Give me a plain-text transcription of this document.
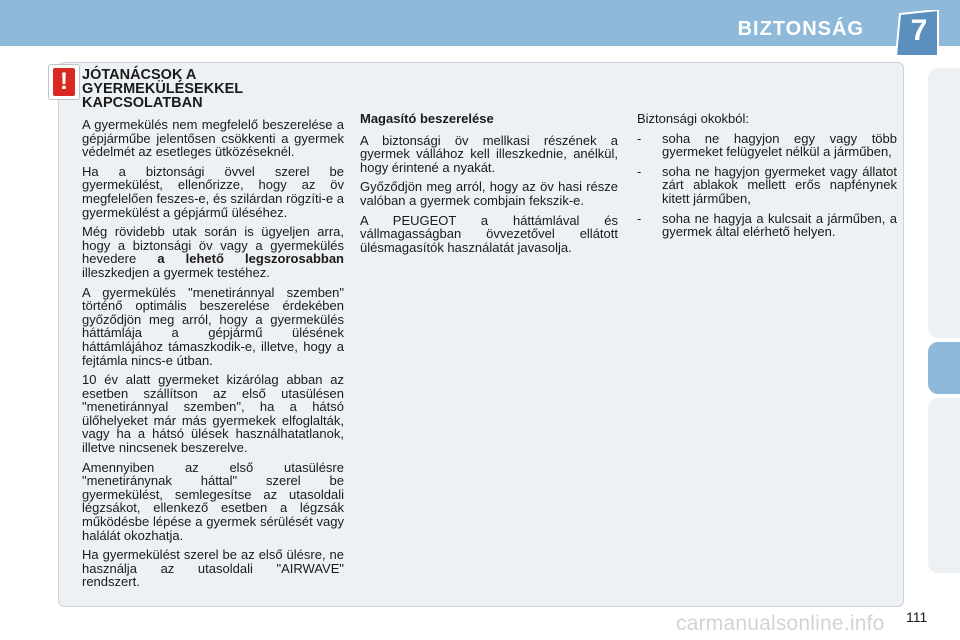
BIZTONSÁG	7
! JÓTANÁCSOK A GYERMEKÜLÉSEKKEL KAPCSOLATBAN

A gyermekülés nem megfelelő beszerelése a gépjárműbe jelentősen csökkenti a gyermek védelmét az esetleges ütközéseknél.

Ha a biztonsági övvel szerel be gyermekülést, ellenőrizze, hogy az öv megfelelően feszes-e, és szilárdan rögzíti-e a gyermekülést a gépjármű üléséhez.

Még rövidebb utak során is ügyeljen arra, hogy a biztonsági öv vagy a gyermekülés hevedere a lehető legszorosabban illeszkedjen a gyermek testéhez.

A gyermekülés "menetiránnyal szemben" történő optimális beszerelése érdekében győződjön meg arról, hogy a gyermekülés háttámlája a gépjármű ülésének háttámlájához támaszkodik-e, illetve, hogy a fejtámla nincs-e útban.

10 év alatt gyermeket kizárólag abban az esetben szállítson az első utasülésen "menetiránnyal szemben", ha a hátsó ülőhelyeket már más gyermekek elfoglalták, vagy ha a hátsó ülések használhatatlanok, illetve nincsenek beszerelve.

Amennyiben az első utasülésre "menetiránynak háttal" szerel be gyermekülést, semlegesítse az utasoldali légzsákot, ellenkező esetben a légzsák működésbe lépése a gyermek sérülését vagy halálát okozhatja.

Ha gyermekülést szerel be az első ülésre, ne használja az utasoldali "AIRWAVE" rendszert.

Magasító beszerelése

A biztonsági öv mellkasi részének a gyermek vállához kell illeszkednie, anélkül, hogy érintené a nyakát.

Győződjön meg arról, hogy az öv hasi része valóban a gyermek combjain fekszik-e.

A PEUGEOT a háttámlával és vállmagasságban övvezetővel ellátott ülésmagasítók használatát javasolja.

Biztonsági okokból:

- soha ne hagyjon egy vagy több gyermeket felügyelet nélkül a járműben,
- soha ne hagyjon gyermeket vagy állatot zárt ablakok mellett erős napfénynek kitett járműben,
- soha ne hagyja a kulcsait a járműben, a gyermek által elérhető helyen.
carmanualsonline.info 111
